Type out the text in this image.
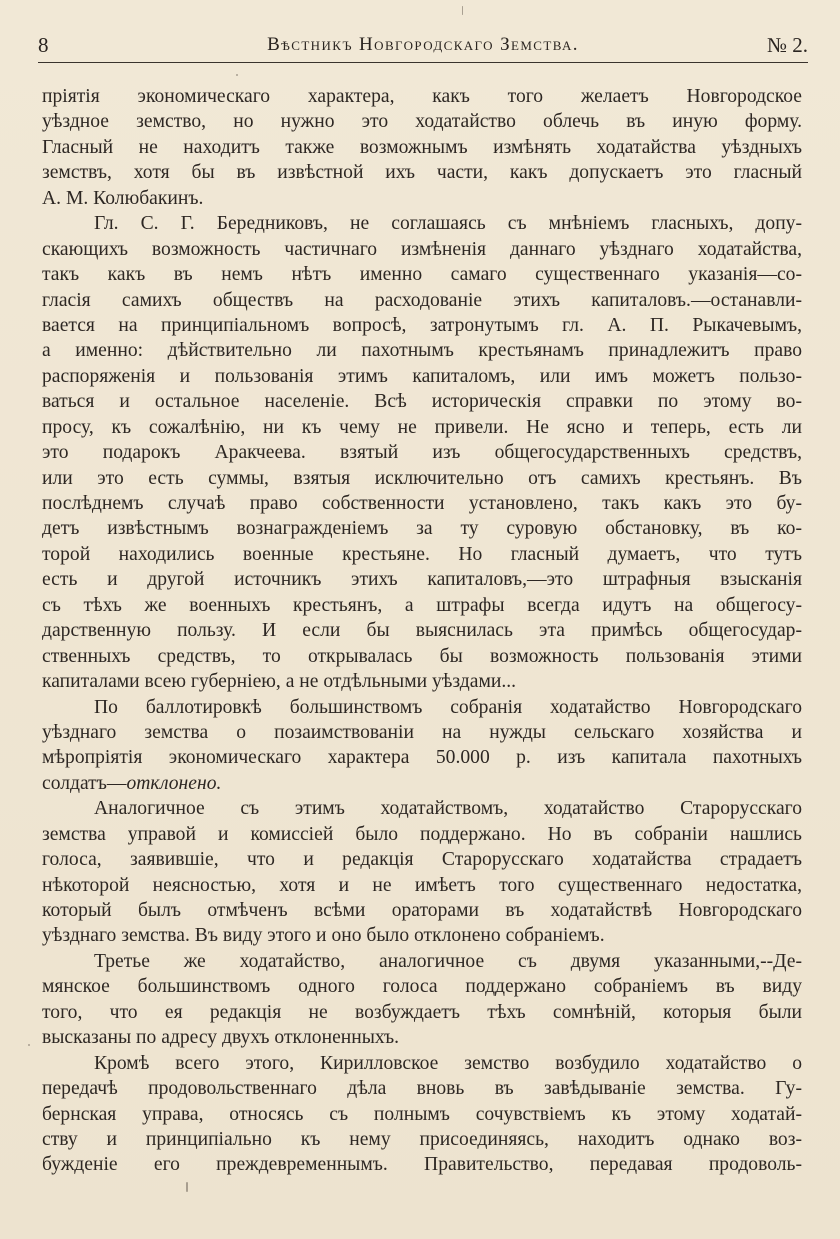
8	Вѣстникъ Новгородскаго Земства.	№ 2.
пріятія экономическаго характера, какъ того желаетъ Новгородское
уѣздное земство, но нужно это ходатайство облечь въ иную форму.
Гласный не находитъ также возможнымъ измѣнять ходатайства уѣздныхъ
земствъ, хотя бы въ извѣстной ихъ части, какъ допускаетъ это гласный
А. М. Колюбакинъ.
Гл. С. Г. Бередниковъ, не соглашаясь съ мнѣніемъ гласныхъ, допу-
скающихъ возможность частичнаго измѣненія даннаго уѣзднаго ходатайства,
такъ какъ въ немъ нѣтъ именно самаго существеннаго указанія—со-
гласія самихъ обществъ на расходованіе этихъ капиталовъ.—останавли-
вается на принципіальномъ вопросѣ, затронутымъ гл. А. П. Рыкачевымъ,
а именно: дѣйствительно ли пахотнымъ крестьянамъ принадлежитъ право
распоряженія и пользованія этимъ капиталомъ, или имъ можетъ пользо-
ваться и остальное населеніе. Всѣ историческія справки по этому во-
просу, къ сожалѣнію, ни къ чему не привели. Не ясно и теперь, есть ли
это подарокъ Аракчеева. взятый изъ общегосударственныхъ средствъ,
или это есть суммы, взятыя исключительно отъ самихъ крестьянъ. Въ
послѣднемъ случаѣ право собственности установлено, такъ какъ это бу-
детъ извѣстнымъ вознагражденіемъ за ту суровую обстановку, въ ко-
торой находились военные крестьяне. Но гласный думаетъ, что тутъ
есть и другой источникъ этихъ капиталовъ,—это штрафныя взысканія
съ тѣхъ же военныхъ крестьянъ, а штрафы всегда идутъ на общегосу-
дарственную пользу. И если бы выяснилась эта примѣсь общегосудар-
ственныхъ средствъ, то открывалась бы возможность пользованія этими
капиталами всею губерніею, а не отдѣльными уѣздами...
По баллотировкѣ большинствомъ собранія ходатайство Новгородскаго
уѣзднаго земства о позаимствованіи на нужды сельскаго хозяйства и
мѣропріятія экономическаго характера 50.000 р. изъ капитала пахотныхъ
солдатъ—отклонено.
Аналогичное съ этимъ ходатайствомъ, ходатайство Старорусскаго
земства управой и комиссіей было поддержано. Но въ собраніи нашлись
голоса, заявившіе, что и редакція Старорусскаго ходатайства страдаетъ
нѣкоторой неясностью, хотя и не имѣетъ того существеннаго недостатка,
который былъ отмѣченъ всѣми ораторами въ ходатайствѣ Новгородскаго
уѣзднаго земства. Въ виду этого и оно было отклонено собраніемъ.
Третье же ходатайство, аналогичное съ двумя указанными,--Де-
мянское большинствомъ одного голоса поддержано собраніемъ въ виду
того, что ея редакція не возбуждаетъ тѣхъ сомнѣній, которыя были
высказаны по адресу двухъ отклоненныхъ.
Кромѣ всего этого, Кирилловское земство возбудило ходатайство о
передачѣ продовольственнаго дѣла вновь въ завѣдываніе земства. Гу-
бернская управа, относясь съ полнымъ сочувствіемъ къ этому ходатай-
ству и принципіально къ нему присоединяясь, находитъ однако воз-
бужденіе его преждевременнымъ. Правительство, передавая продоволь-
